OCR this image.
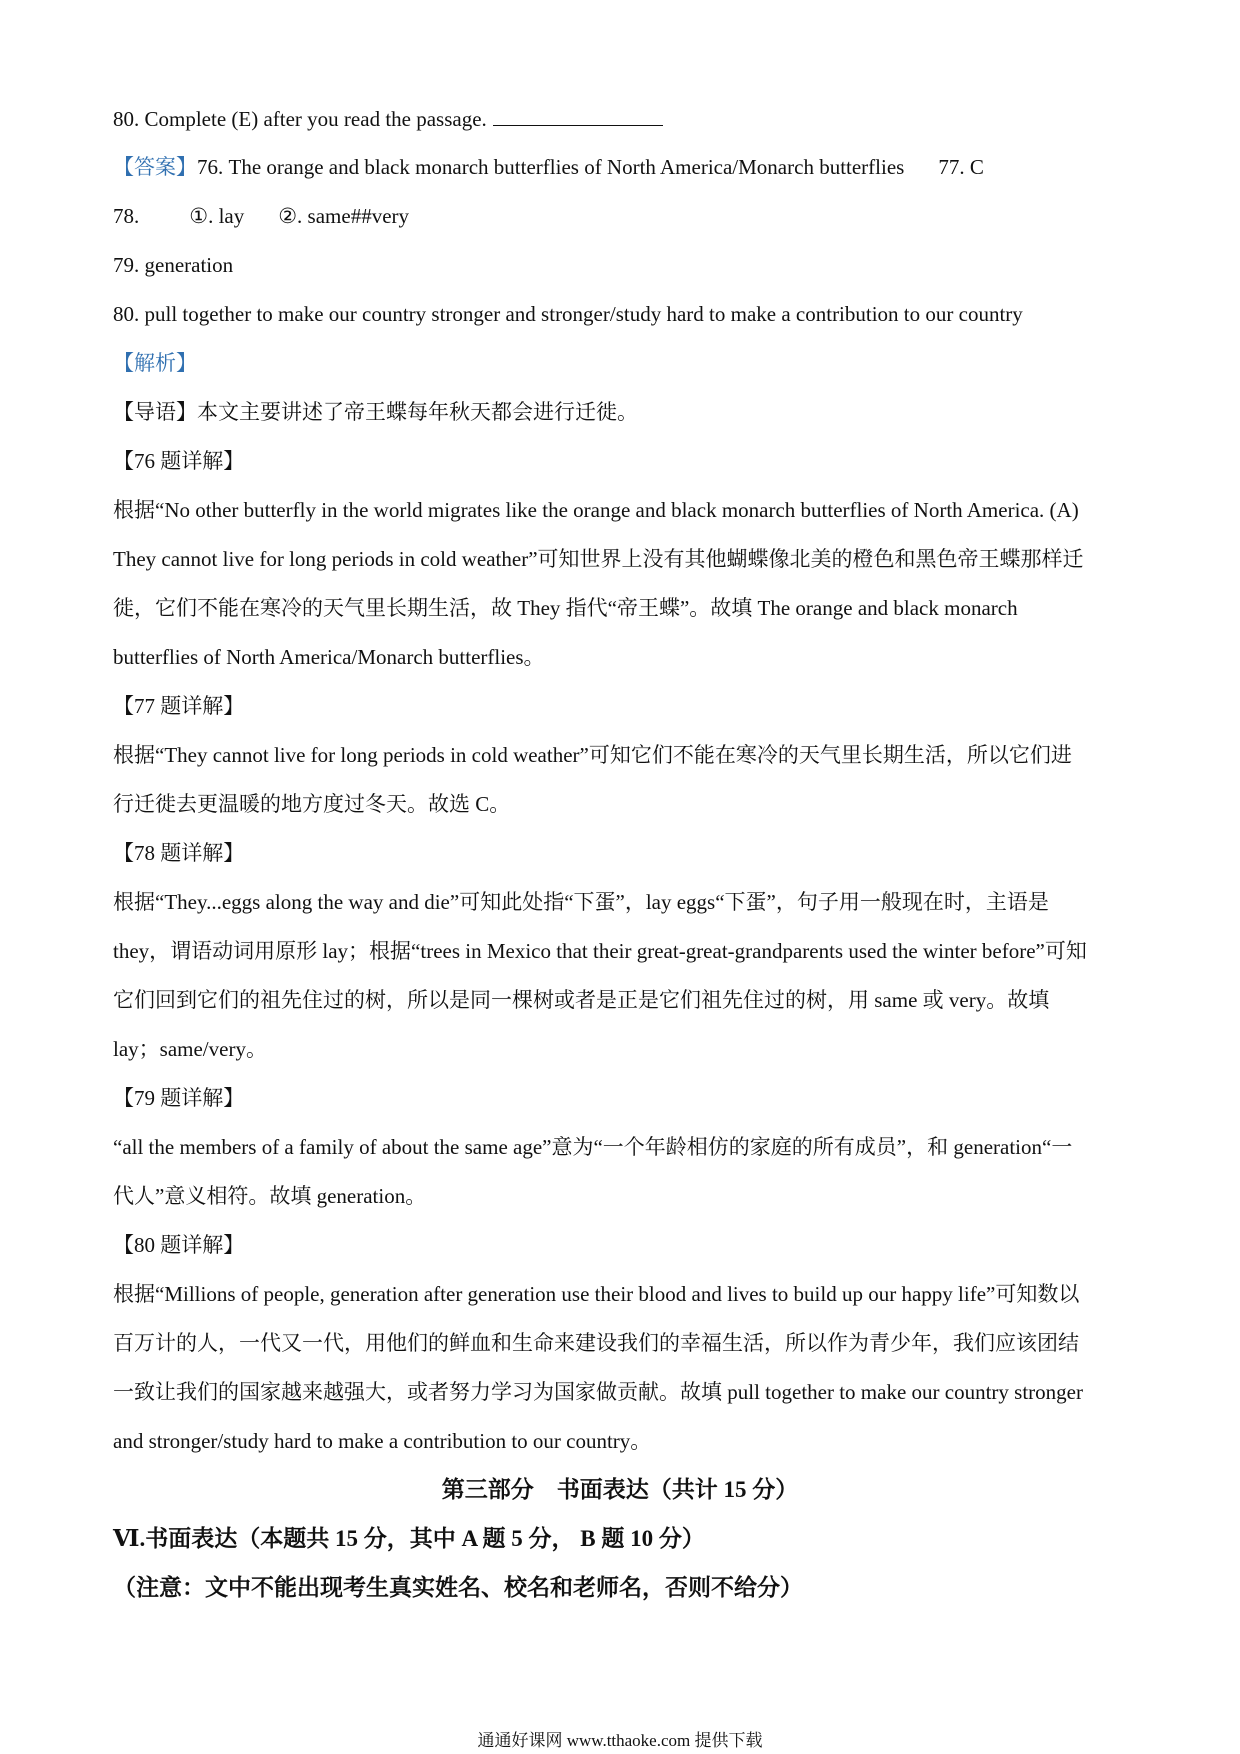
80. Complete (E) after you read the passage.
【答案】76. The orange and black monarch butterflies of North America/Monarch butterflies 77. C
78. ①. lay ②. same##very
79. generation
80. pull together to make our country stronger and stronger/study hard to make a contribution to our country
【解析】
【导语】本文主要讲述了帝王蝶每年秋天都会进行迁徙。
【76 题详解】
根据“No other butterfly in the world migrates like the orange and black monarch butterflies of North America. (A)
They cannot live for long periods in cold weather”可知世界上没有其他蝴蝶像北美的橙色和黑色帝王蝶那样迁
徙，它们不能在寒冷的天气里长期生活，故 They 指代“帝王蝶”。故填 The orange and black monarch
butterflies of North America/Monarch butterflies。
【77 题详解】
根据“They cannot live for long periods in cold weather”可知它们不能在寒冷的天气里长期生活，所以它们进
行迁徙去更温暖的地方度过冬天。故选 C。
【78 题详解】
根据“They...eggs along the way and die”可知此处指“下蛋”，lay eggs“下蛋”，句子用一般现在时，主语是
they，谓语动词用原形 lay；根据“trees in Mexico that their great-great-grandparents used the winter before”可知
它们回到它们的祖先住过的树，所以是同一棵树或者是正是它们祖先住过的树，用 same 或 very。故填
lay；same/very。
【79 题详解】
“all the members of a family of about the same age”意为“一个年龄相仿的家庭的所有成员”，和 generation“一
代人”意义相符。故填 generation。
【80 题详解】
根据“Millions of people, generation after generation use their blood and lives to build up our happy life”可知数以
百万计的人，一代又一代，用他们的鲜血和生命来建设我们的幸福生活，所以作为青少年，我们应该团结
一致让我们的国家越来越强大，或者努力学习为国家做贡献。故填 pull together to make our country stronger
and stronger/study hard to make a contribution to our country。
第三部分　书面表达（共计 15 分）
Ⅵ.书面表达（本题共 15 分，其中 A 题 5 分， B 题 10 分）
（注意：文中不能出现考生真实姓名、校名和老师名，否则不给分）
通通好课网 www.tthaoke.com 提供下载
